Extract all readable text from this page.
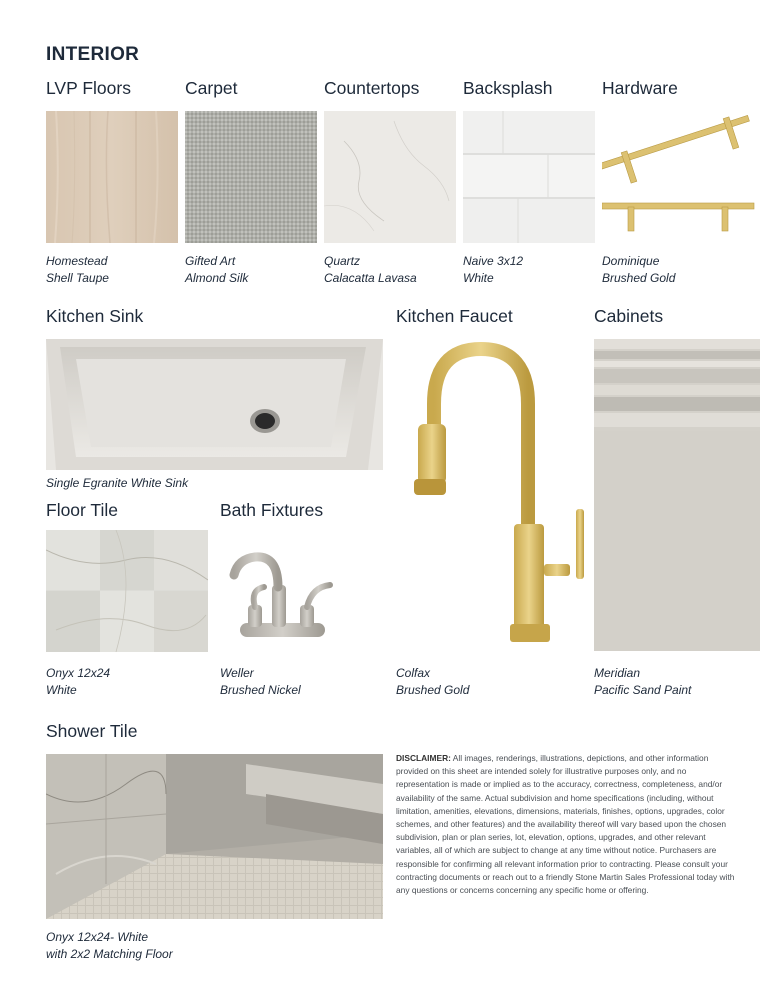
INTERIOR
LVP Floors	Carpet	Countertops Backsplash	Hardware
Homestead
Shell Taupe
Gifted Art
Almond Silk
Quartz
Calacatta Lavasa
Naive 3x12
White
Dominique
Brushed Gold
Kitchen Sink	Kitchen Faucet	Cabinets
Single Egranite White Sink
Colfax
Brushed Gold
Meridian
Pacific Sand Paint
Floor Tile	Bath Fixtures
Onyx 12x24
White
Weller
Brushed Nickel
Shower Tile
Onyx 12x24- White
with 2x2 Matching Floor
DISCLAIMER: All images, renderings, illustrations, depictions, and other information provided on this sheet are intended solely for illustrative purposes only, and no representation is made or implied as to the accuracy, correctness, completeness, and/or availability of the same. Actual subdivision and home specifications (including, without limitation, amenities, elevations, dimensions, materials, finishes, options, upgrades, color schemes, and other features) and the availability thereof will vary based upon the chosen subdivision, plan or plan series, lot, elevation, options, upgrades, and other relevant variables, all of which are subject to change at any time without notice. Purchasers are responsible for confirming all relevant information prior to contracting. Please consult your contracting documents or reach out to a friendly Stone Martin Sales Professional today with any questions or concerns concerning any specific home or offering.
